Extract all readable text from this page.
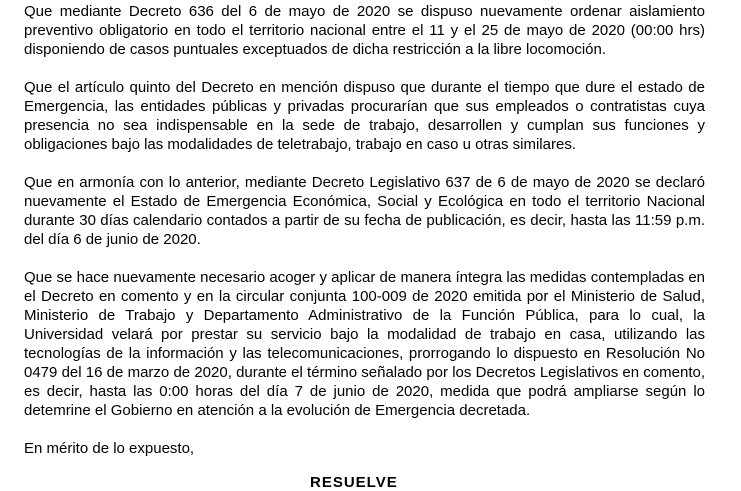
Que mediante Decreto 636 del 6 de mayo de 2020 se dispuso nuevamente ordenar aislamiento preventivo obligatorio en todo el territorio nacional entre el 11 y el 25 de mayo de 2020 (00:00 hrs) disponiendo de casos puntuales exceptuados de dicha restricción a la libre locomoción.

Que el artículo quinto del Decreto en mención dispuso que durante el tiempo que dure el estado de Emergencia, las entidades públicas y privadas procurarían que sus empleados o contratistas cuya presencia no sea indispensable en la sede de trabajo, desarrollen y cumplan sus funciones y obligaciones bajo las modalidades de teletrabajo, trabajo en caso u otras similares.

Que en armonía con lo anterior, mediante Decreto Legislativo 637 de 6 de mayo de 2020 se declaró nuevamente el Estado de Emergencia Económica, Social y Ecológica en todo el territorio Nacional durante 30 días calendario contados a partir de su fecha de publicación, es decir, hasta las 11:59 p.m. del día 6 de junio de 2020.

Que se hace nuevamente necesario acoger y aplicar de manera íntegra las medidas contempladas en el Decreto en comento y en la circular conjunta 100-009 de 2020 emitida por el Ministerio de Salud, Ministerio de Trabajo y Departamento Administrativo de la Función Pública, para lo cual, la Universidad velará por prestar su servicio bajo la modalidad de trabajo en casa, utilizando las tecnologías de la información y las telecomunicaciones, prorrogando lo dispuesto en Resolución No 0479 del 16 de marzo de 2020, durante el término señalado por los Decretos Legislativos en comento, es decir, hasta las 0:00 horas del día 7 de junio de 2020, medida que podrá ampliarse según lo detemrine el Gobierno en atención a la evolución de Emergencia decretada.

En mérito de lo expuesto,

RESUELVE
